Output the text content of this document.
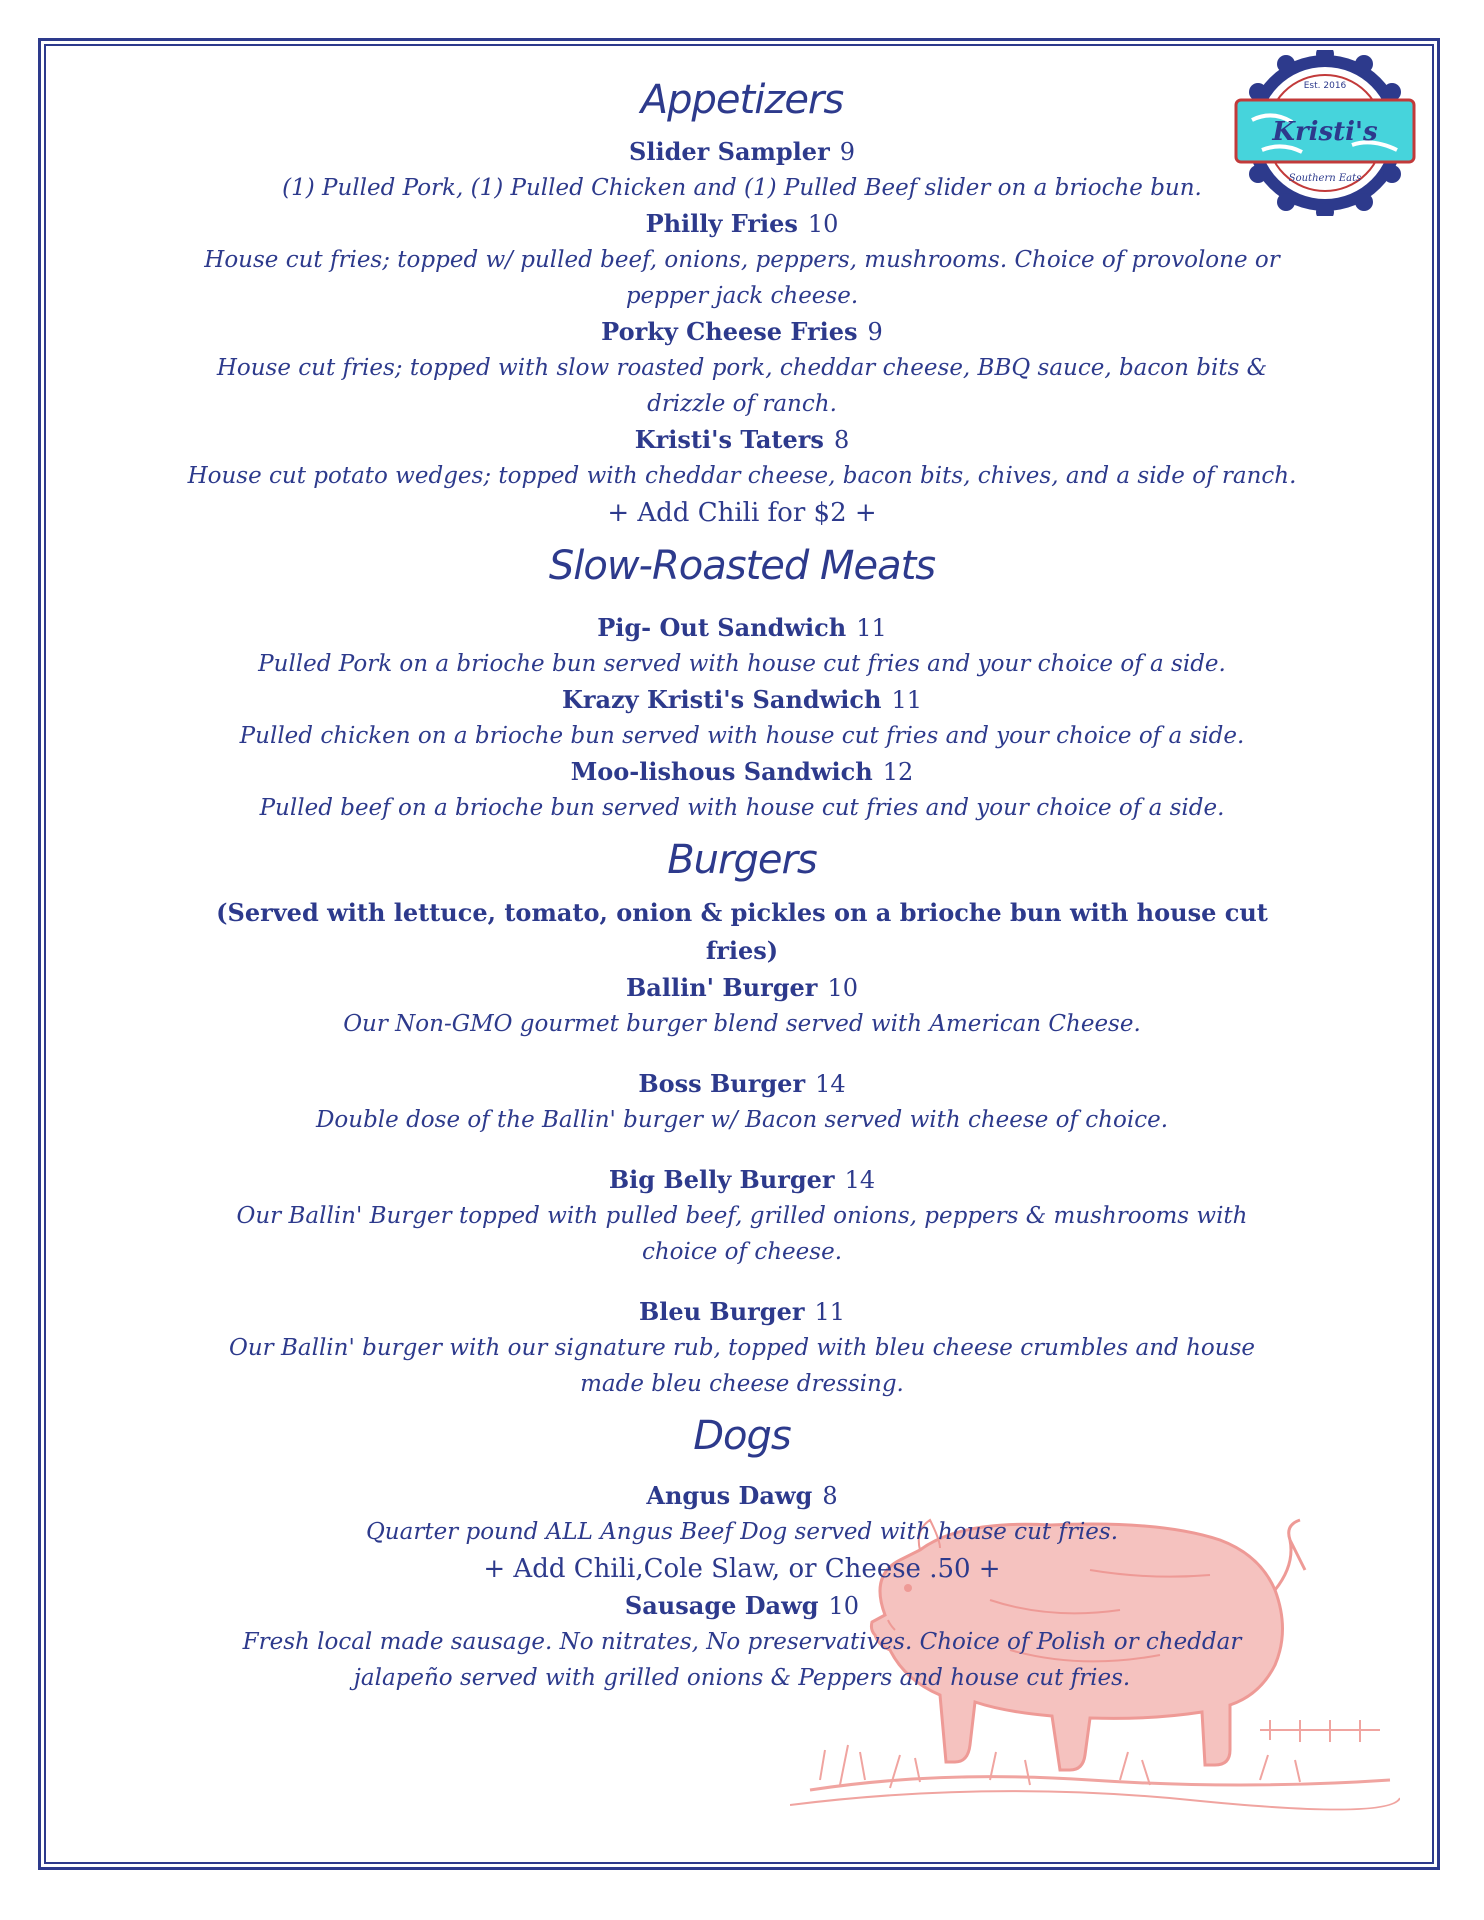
Kristi's
Est. 2016
Southern Eats
Appetizers
Slider Sampler 9
(1) Pulled Pork, (1) Pulled Chicken and (1) Pulled Beef slider on a brioche bun.
Philly Fries 10
House cut fries; topped w/ pulled beef, onions, peppers, mushrooms. Choice of provolone or pepper jack cheese.
Porky Cheese Fries 9
House cut fries; topped with slow roasted pork, cheddar cheese, BBQ sauce, bacon bits & drizzle of ranch.
Kristi's Taters 8
House cut potato wedges; topped with cheddar cheese, bacon bits, chives, and a side of ranch.
+ Add Chili for $2 +
Slow-Roasted Meats
Pig- Out Sandwich 11
Pulled Pork on a brioche bun served with house cut fries and your choice of a side.
Krazy Kristi's Sandwich 11
Pulled chicken on a brioche bun served with house cut fries and your choice of a side.
Moo-lishous Sandwich 12
Pulled beef on a brioche bun served with house cut fries and your choice of a side.
Burgers
(Served with lettuce, tomato, onion & pickles on a brioche bun with house cut fries)
Ballin' Burger 10
Our Non-GMO gourmet burger blend served with American Cheese.
Boss Burger 14
Double dose of the Ballin' burger w/ Bacon served with cheese of choice.
Big Belly Burger 14
Our Ballin' Burger topped with pulled beef, grilled onions, peppers & mushrooms with choice of cheese.
Bleu Burger 11
Our Ballin' burger with our signature rub, topped with bleu cheese crumbles and house made bleu cheese dressing.
Dogs
Angus Dawg 8
Quarter pound ALL Angus Beef Dog served with house cut fries.
+ Add Chili,Cole Slaw, or Cheese .50 +
Sausage Dawg 10
Fresh local made sausage. No nitrates, No preservatives. Choice of Polish or cheddar jalapeño served with grilled onions & Peppers and house cut fries.
